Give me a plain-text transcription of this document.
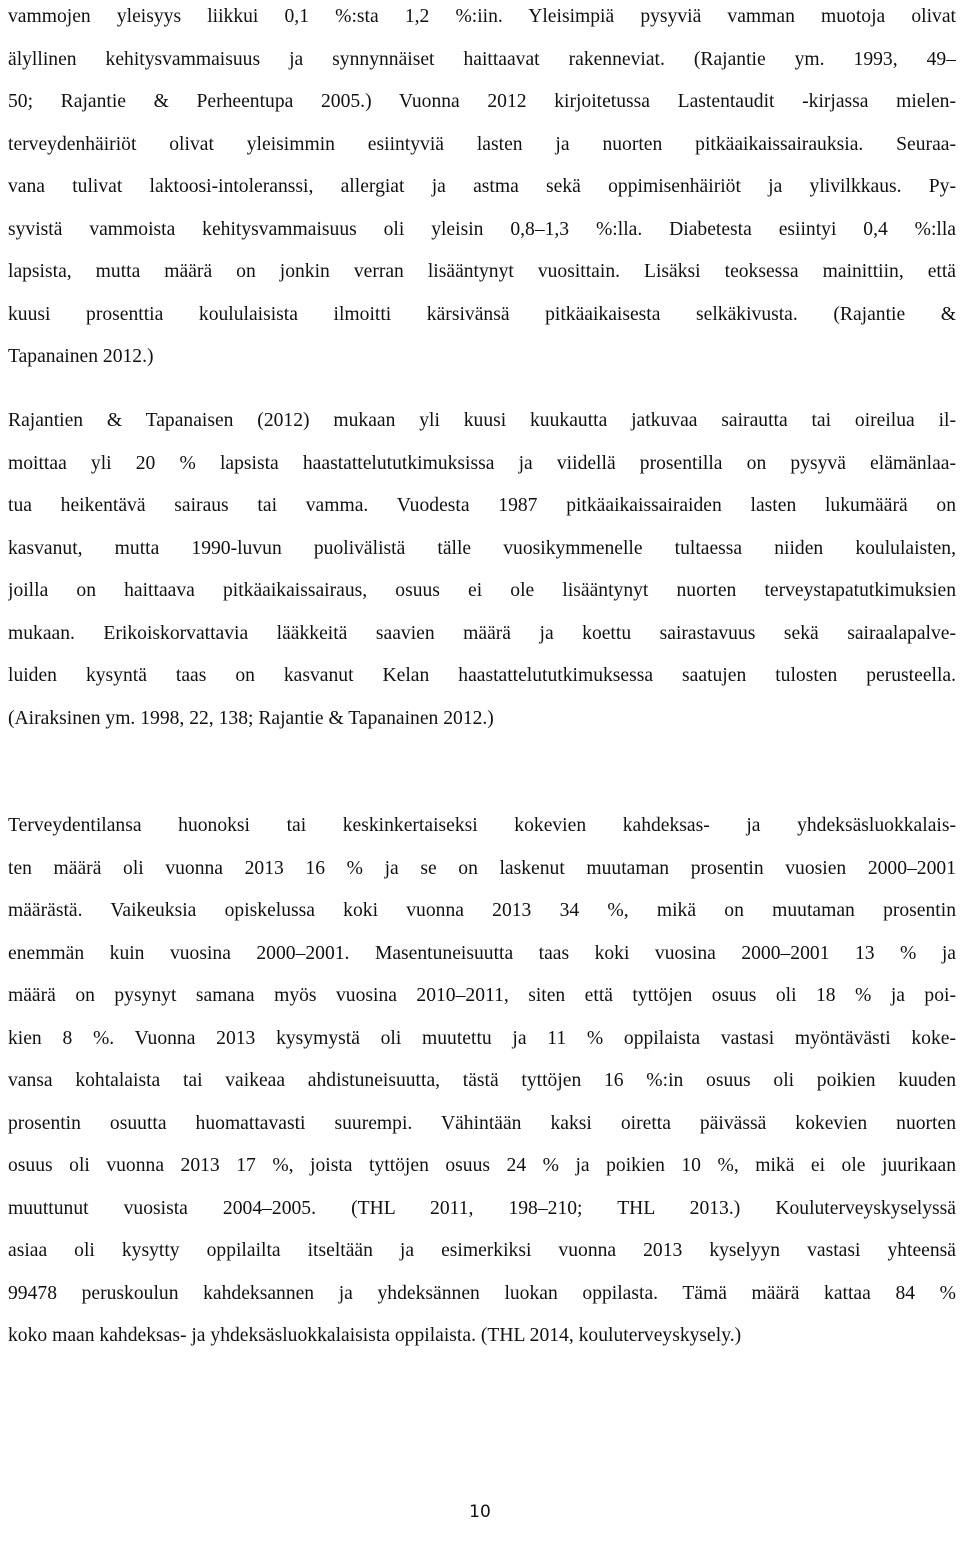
vammojen yleisyys liikkui 0,1 %:sta 1,2 %:iin. Yleisimpiä pysyviä vamman muotoja olivat
älyllinen kehitysvammaisuus ja synnynnäiset haittaavat rakenneviat. (Rajantie ym. 1993, 49–
50; Rajantie & Perheentupa 2005.) Vuonna 2012 kirjoitetussa Lastentaudit -kirjassa mielen-
terveydenhäiriöt olivat yleisimmin esiintyviä lasten ja nuorten pitkäaikaissairauksia. Seuraa-
vana tulivat laktoosi-intoleranssi, allergiat ja astma sekä oppimisenhäiriöt ja ylivilkkaus. Py-
syvistä vammoista kehitysvammaisuus oli yleisin 0,8–1,3 %:lla. Diabetesta esiintyi 0,4 %:lla
lapsista, mutta määrä on jonkin verran lisääntynyt vuosittain. Lisäksi teoksessa mainittiin, että
kuusi prosenttia koululaisista ilmoitti kärsivänsä pitkäaikaisesta selkäkivusta. (Rajantie &
Tapanainen 2012.)
Rajantien & Tapanaisen (2012) mukaan yli kuusi kuukautta jatkuvaa sairautta tai oireilua il-
moittaa yli 20 % lapsista haastattelututkimuksissa ja viidellä prosentilla on pysyvä elämänlaa-
tua heikentävä sairaus tai vamma. Vuodesta 1987 pitkäaikaissairaiden lasten lukumäärä on
kasvanut, mutta 1990-luvun puolivälistä tälle vuosikymmenelle tultaessa niiden koululaisten,
joilla on haittaava pitkäaikaissairaus, osuus ei ole lisääntynyt nuorten terveystapatutkimuksien
mukaan. Erikoiskorvattavia lääkkeitä saavien määrä ja koettu sairastavuus sekä sairaalapalve-
luiden kysyntä taas on kasvanut Kelan haastattelututkimuksessa saatujen tulosten perusteella.
(Airaksinen ym. 1998, 22, 138; Rajantie & Tapanainen 2012.)
Terveydentilansa huonoksi tai keskinkertaiseksi kokevien kahdeksas- ja yhdeksäsluokkalais-
ten määrä oli vuonna 2013 16 % ja se on laskenut muutaman prosentin vuosien 2000–2001
määrästä. Vaikeuksia opiskelussa koki vuonna 2013 34 %, mikä on muutaman prosentin
enemmän kuin vuosina 2000–2001. Masentuneisuutta taas koki vuosina 2000–2001 13 % ja
määrä on pysynyt samana myös vuosina 2010–2011, siten että tyttöjen osuus oli 18 % ja poi-
kien 8 %. Vuonna 2013 kysymystä oli muutettu ja 11 % oppilaista vastasi myöntävästi koke-
vansa kohtalaista tai vaikeaa ahdistuneisuutta, tästä tyttöjen 16 %:in osuus oli poikien kuuden
prosentin osuutta huomattavasti suurempi. Vähintään kaksi oiretta päivässä kokevien nuorten
osuus oli vuonna 2013 17 %, joista tyttöjen osuus 24 % ja poikien 10 %, mikä ei ole juurikaan
muuttunut vuosista 2004–2005. (THL 2011, 198–210; THL 2013.) Kouluterveyskyselyssä
asiaa oli kysytty oppilailta itseltään ja esimerkiksi vuonna 2013 kyselyyn vastasi yhteensä
99478 peruskoulun kahdeksannen ja yhdeksännen luokan oppilasta. Tämä määrä kattaa 84 %
koko maan kahdeksas- ja yhdeksäsluokkalaisista oppilaista. (THL 2014, kouluterveyskysely.)
10
